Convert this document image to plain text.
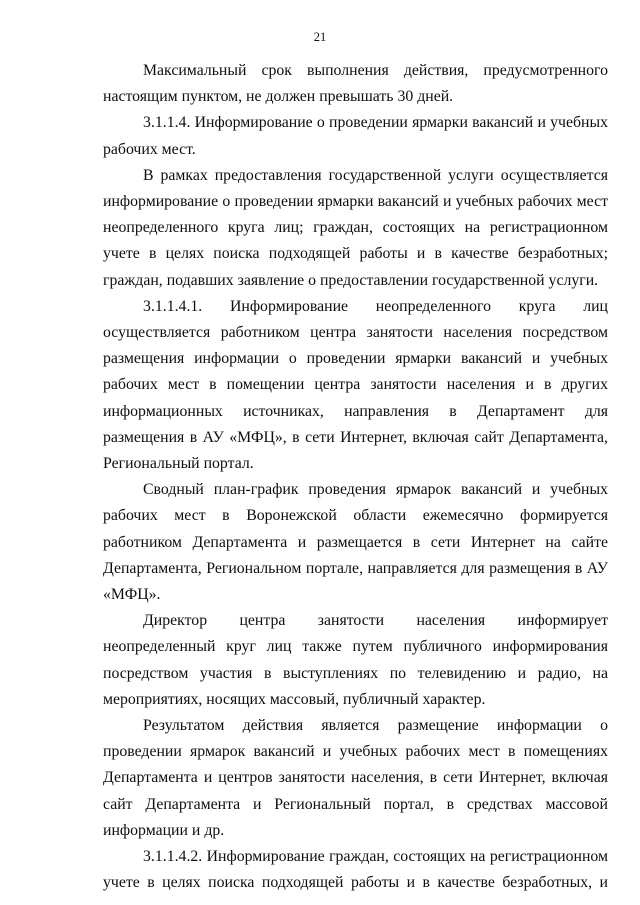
21

Максимальный срок выполнения действия, предусмотренного настоящим пунктом, не должен превышать 30 дней.

3.1.1.4. Информирование о проведении ярмарки вакансий и учебных рабочих мест.

В рамках предоставления государственной услуги осуществляется информирование о проведении ярмарки вакансий и учебных рабочих мест неопределенного круга лиц; граждан, состоящих на регистрационном учете в целях поиска подходящей работы и в качестве безработных; граждан, подавших заявление о предоставлении государственной услуги.

3.1.1.4.1. Информирование неопределенного круга лиц осуществляется работником центра занятости населения посредством размещения информации о проведении ярмарки вакансий и учебных рабочих мест в помещении центра занятости населения и в других информационных источниках, направления в Департамент для размещения в АУ «МФЦ», в сети Интернет, включая сайт Департамента, Региональный портал.

Сводный план-график проведения ярмарок вакансий и учебных рабочих мест в Воронежской области ежемесячно формируется работником Департамента и размещается в сети Интернет на сайте Департамента, Региональном портале, направляется для размещения в АУ «МФЦ».

Директор центра занятости населения информирует неопределенный круг лиц также путем публичного информирования посредством участия в выступлениях по телевидению и радио, на мероприятиях, носящих массовый, публичный характер.

Результатом действия является размещение информации о проведении ярмарок вакансий и учебных рабочих мест в помещениях Департамента и центров занятости населения, в сети Интернет, включая сайт Департамента и Региональный портал, в средствах массовой информации и др.

3.1.1.4.2. Информирование граждан, состоящих на регистрационном учете в целях поиска подходящей работы и в качестве безработных, и
